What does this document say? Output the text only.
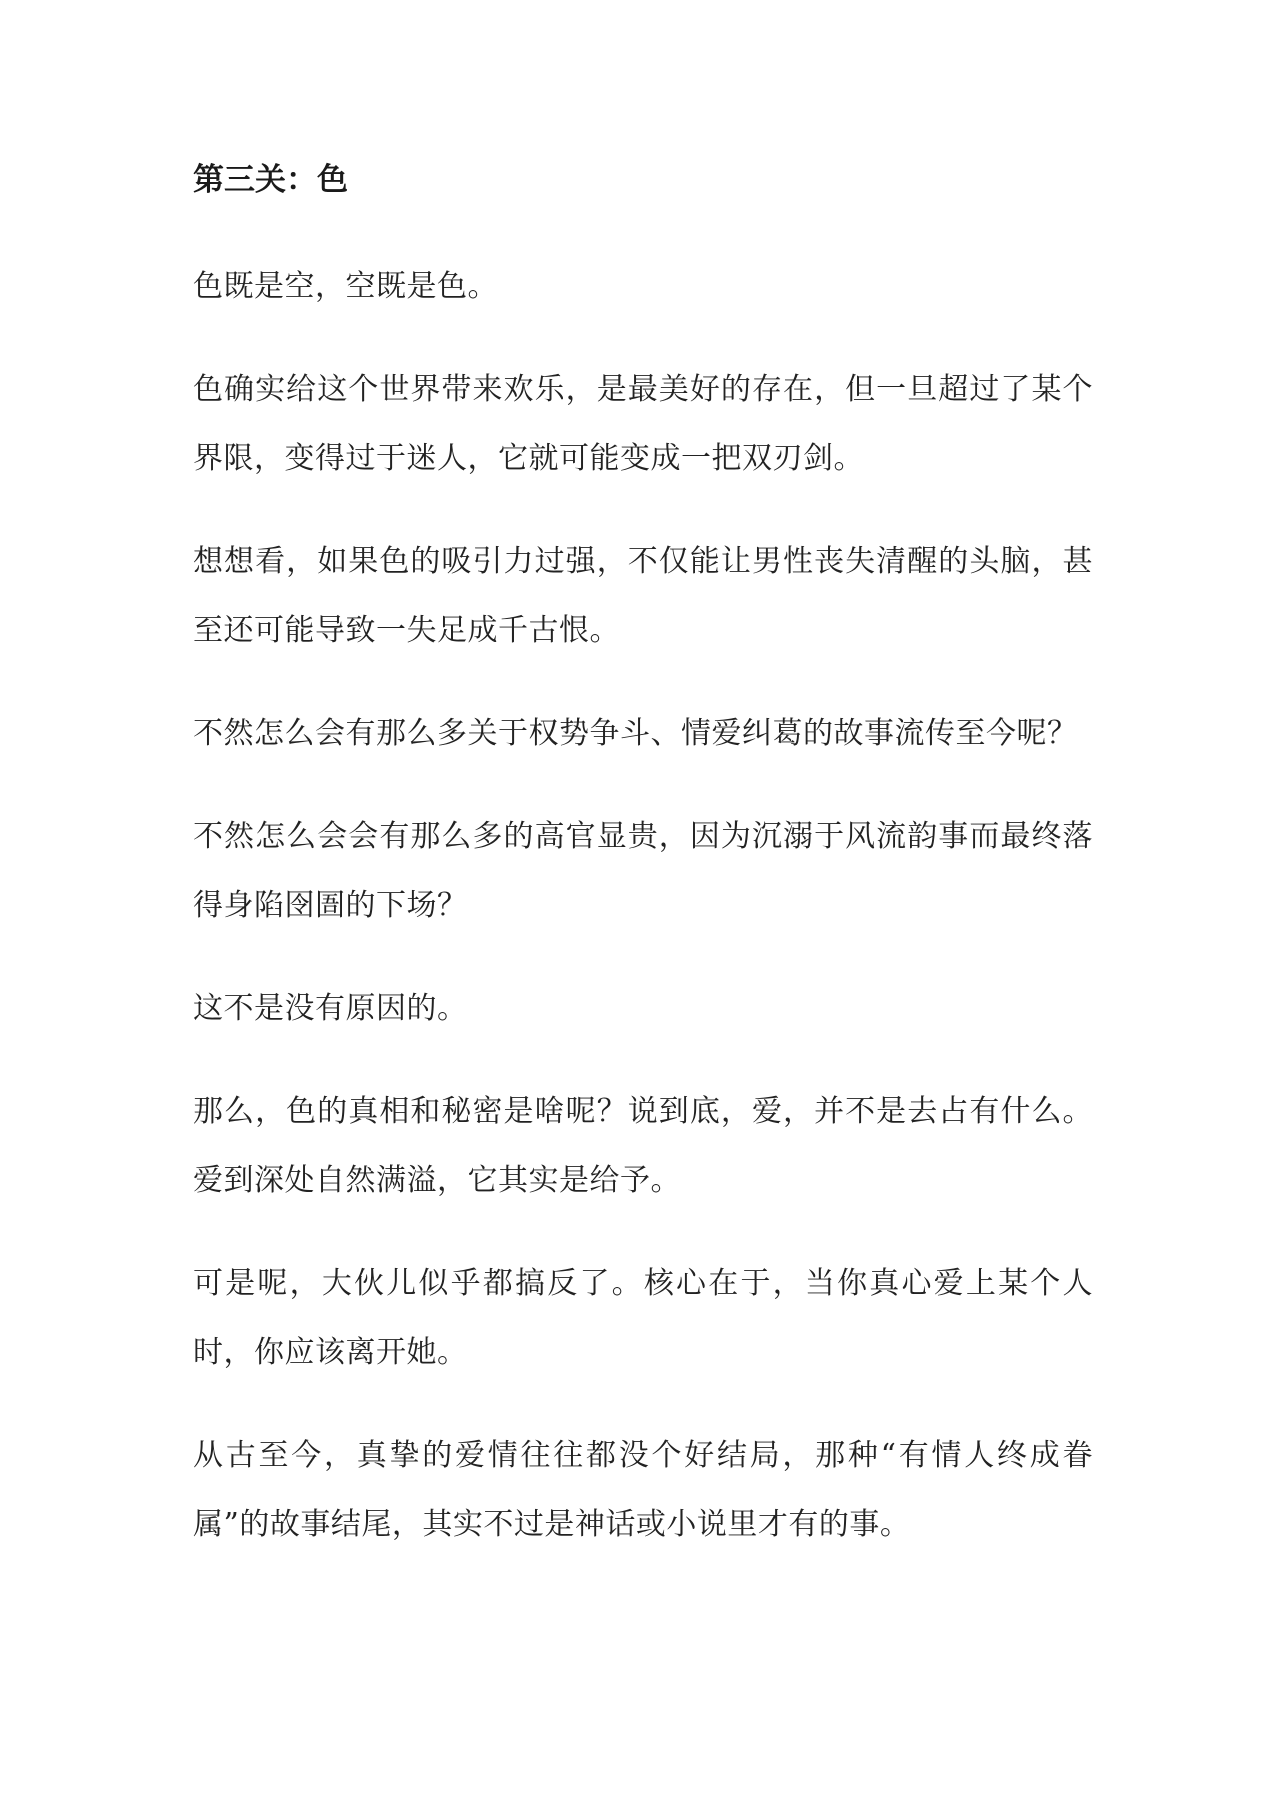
第三关：色

色既是空，空既是色。

色确实给这个世界带来欢乐，是最美好的存在，但一旦超过了某个界限，变得过于迷人，它就可能变成一把双刃剑。

想想看，如果色的吸引力过强，不仅能让男性丧失清醒的头脑，甚至还可能导致一失足成千古恨。

不然怎么会有那么多关于权势争斗、情爱纠葛的故事流传至今呢？

不然怎么会会有那么多的高官显贵，因为沉溺于风流韵事而最终落得身陷囹圄的下场？

这不是没有原因的。

那么，色的真相和秘密是啥呢？说到底，爱，并不是去占有什么。爱到深处自然满溢，它其实是给予。

可是呢，大伙儿似乎都搞反了。核心在于，当你真心爱上某个人时，你应该离开她。

从古至今，真挚的爱情往往都没个好结局，那种“有情人终成眷属”的故事结尾，其实不过是神话或小说里才有的事。
